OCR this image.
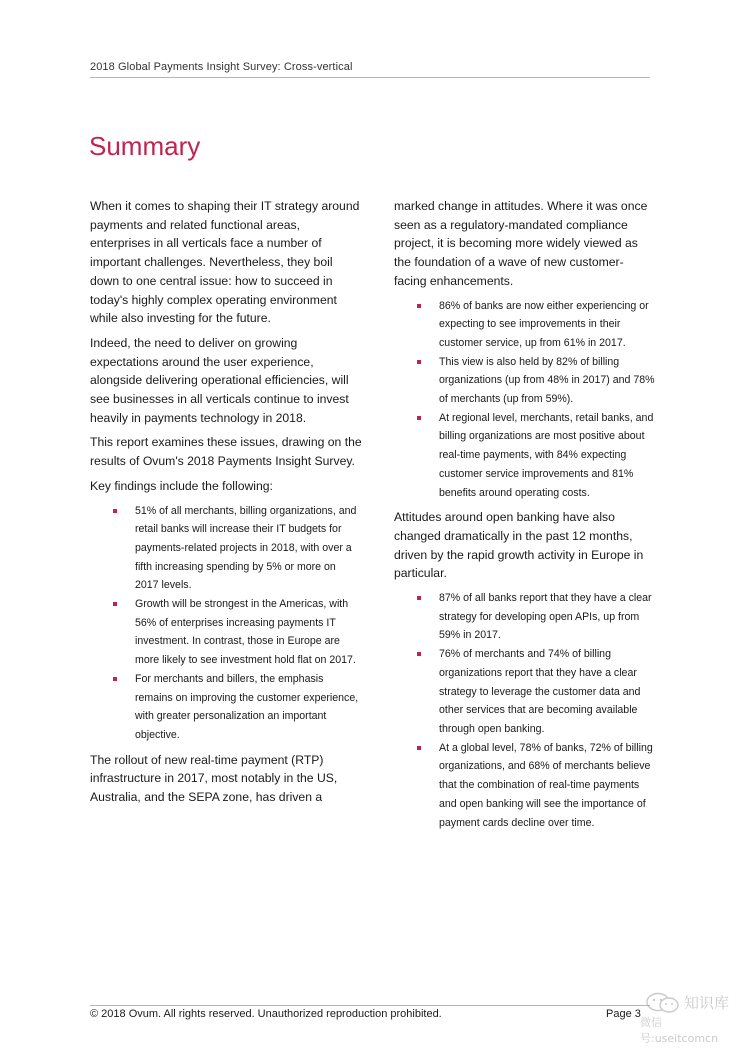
2018 Global Payments Insight Survey: Cross-vertical
Summary

When it comes to shaping their IT strategy around payments and related functional areas, enterprises in all verticals face a number of important challenges. Nevertheless, they boil down to one central issue: how to succeed in today's highly complex operating environment while also investing for the future.

Indeed, the need to deliver on growing expectations around the user experience, alongside delivering operational efficiencies, will see businesses in all verticals continue to invest heavily in payments technology in 2018.

This report examines these issues, drawing on the results of Ovum's 2018 Payments Insight Survey.

Key findings include the following:

51% of all merchants, billing organizations, and retail banks will increase their IT budgets for payments-related projects in 2018, with over a fifth increasing spending by 5% or more on 2017 levels.
Growth will be strongest in the Americas, with 56% of enterprises increasing payments IT investment. In contrast, those in Europe are more likely to see investment hold flat on 2017.
For merchants and billers, the emphasis remains on improving the customer experience, with greater personalization an important objective.

The rollout of new real-time payment (RTP) infrastructure in 2017, most notably in the US, Australia, and the SEPA zone, has driven a

marked change in attitudes. Where it was once seen as a regulatory-mandated compliance project, it is becoming more widely viewed as the foundation of a wave of new customer-facing enhancements.

86% of banks are now either experiencing or expecting to see improvements in their customer service, up from 61% in 2017.
This view is also held by 82% of billing organizations (up from 48% in 2017) and 78% of merchants (up from 59%).
At regional level, merchants, retail banks, and billing organizations are most positive about real-time payments, with 84% expecting customer service improvements and 81% benefits around operating costs.

Attitudes around open banking have also changed dramatically in the past 12 months, driven by the rapid growth activity in Europe in particular.

87% of all banks report that they have a clear strategy for developing open APIs, up from 59% in 2017.
76% of merchants and 74% of billing organizations report that they have a clear strategy to leverage the customer data and other services that are becoming available through open banking.
At a global level, 78% of banks, 72% of billing organizations, and 68% of merchants believe that the combination of real-time payments and open banking will see the importance of payment cards decline over time.
© 2018 Ovum. All rights reserved. Unauthorized reproduction prohibited.	Page 3
知识库
微信号:useitcomcn
